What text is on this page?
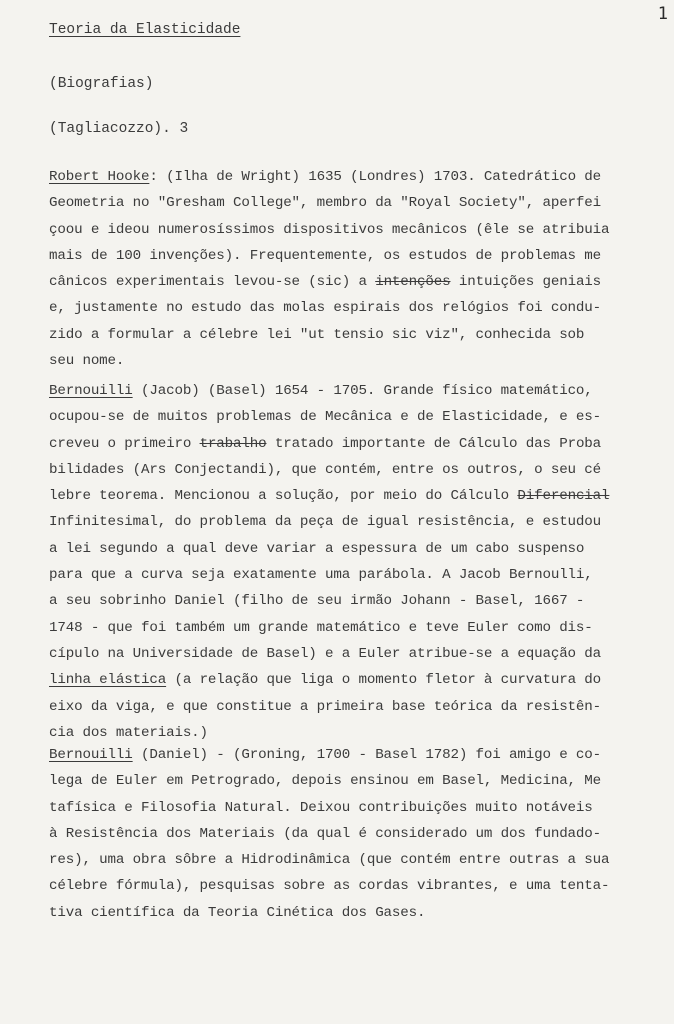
1
Teoria da Elasticidade
(Biografias)
(Tagliacozzo). 3
Robert Hooke: (Ilha de Wright) 1635 (Londres) 1703. Catedrático de
Geometria no "Gresham College", membro da "Royal Society", aperfei
çoou e ideou numerosíssimos dispositivos mecânicos (êle se atribuia
mais de 100 invenções). Frequentemente, os estudos de problemas me
cânicos experimentais levou-se (sic) a intenções intuições geniais
e, justamente no estudo das molas espirais dos relógios foi condu-
zido a formular a célebre lei "ut tensio sic viz", conhecida sob
seu nome.
Bernouilli (Jacob) (Basel) 1654 - 1705. Grande físico matemático,
ocupou-se de muitos problemas de Mecânica e de Elasticidade, e es-
creveu o primeiro trabalho tratado importante de Cálculo das Proba
bilidades (Ars Conjectandi), que contém, entre os outros, o seu cé
lebre teorema. Mencionou a solução, por meio do Cálculo Diferencial
Infinitesimal, do problema da peça de igual resistência, e estudou
a lei segundo a qual deve variar a espessura de um cabo suspenso
para que a curva seja exatamente uma parábola. A Jacob Bernoulli,
a seu sobrinho Daniel (filho de seu irmão Johann - Basel, 1667 -
1748 - que foi também um grande matemático e teve Euler como dis-
cípulo na Universidade de Basel) e a Euler atribue-se a equação da
linha elástica (a relação que liga o momento fletor à curvatura do
eixo da viga, e que constitue a primeira base teórica da resistên-
cia dos materiais.)
Bernouilli (Daniel) - (Groning, 1700 - Basel 1782) foi amigo e co-
lega de Euler em Petrogrado, depois ensinou em Basel, Medicina, Me
tafísica e Filosofia Natural. Deixou contribuições muito notáveis
à Resistência dos Materiais (da qual é considerado um dos fundado-
res), uma obra sôbre a Hidrodinâmica (que contém entre outras a sua
célebre fórmula), pesquisas sobre as cordas vibrantes, e uma tenta-
tiva científica da Teoria Cinética dos Gases.
